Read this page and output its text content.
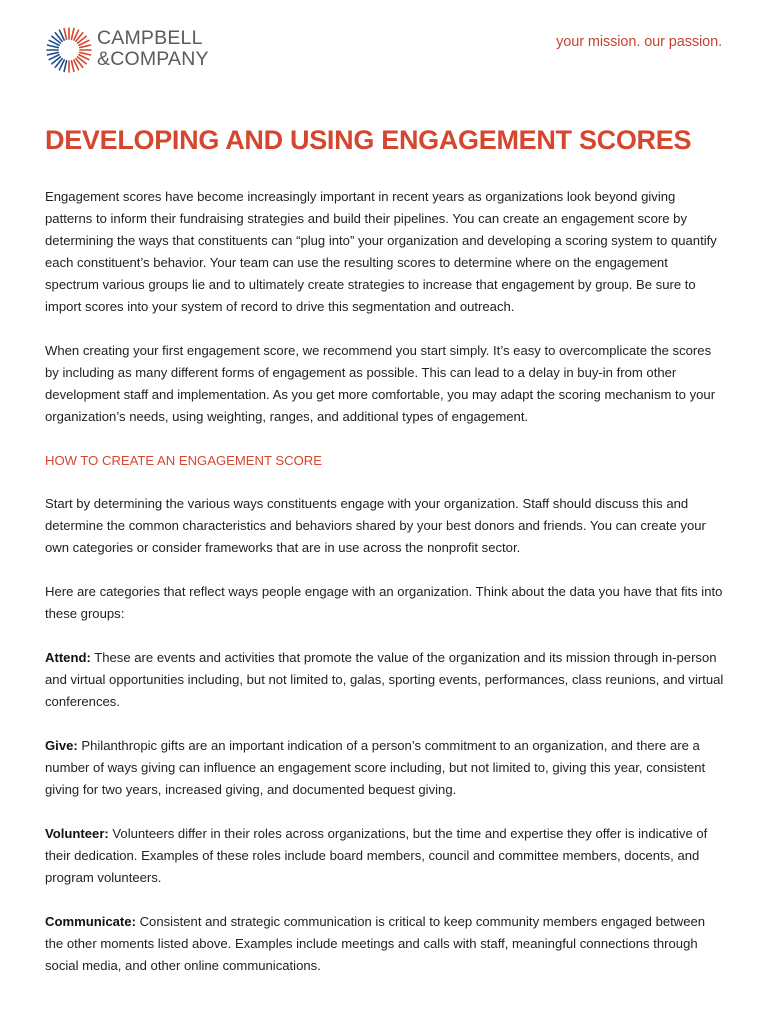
CAMPBELL
&COMPANY
your mission. our passion.
DEVELOPING AND USING ENGAGEMENT SCORES

Engagement scores have become increasingly important in recent years as organizations look beyond giving patterns to inform their fundraising strategies and build their pipelines. You can create an engagement score by determining the ways that constituents can “plug into” your organization and developing a scoring system to quantify each constituent’s behavior. Your team can use the resulting scores to determine where on the engagement spectrum various groups lie and to ultimately create strategies to increase that engagement by group. Be sure to import scores into your system of record to drive this segmentation and outreach.

When creating your first engagement score, we recommend you start simply. It’s easy to overcomplicate the scores by including as many different forms of engagement as possible. This can lead to a delay in buy-in from other development staff and implementation. As you get more comfortable, you may adapt the scoring mechanism to your organization’s needs, using weighting, ranges, and additional types of engagement.

HOW TO CREATE AN ENGAGEMENT SCORE

Start by determining the various ways constituents engage with your organization. Staff should discuss this and determine the common characteristics and behaviors shared by your best donors and friends. You can create your own categories or consider frameworks that are in use across the nonprofit sector.

Here are categories that reflect ways people engage with an organization. Think about the data you have that fits into these groups:

Attend: These are events and activities that promote the value of the organization and its mission through in-person and virtual opportunities including, but not limited to, galas, sporting events, performances, class reunions, and virtual conferences.

Give: Philanthropic gifts are an important indication of a person’s commitment to an organization, and there are a number of ways giving can influence an engagement score including, but not limited to, giving this year, consistent giving for two years, increased giving, and documented bequest giving.

Volunteer: Volunteers differ in their roles across organizations, but the time and expertise they offer is indicative of their dedication. Examples of these roles include board members, council and committee members, docents, and program volunteers.

Communicate: Consistent and strategic communication is critical to keep community members engaged between the other moments listed above. Examples include meetings and calls with staff, meaningful connections through social media, and other online communications.
